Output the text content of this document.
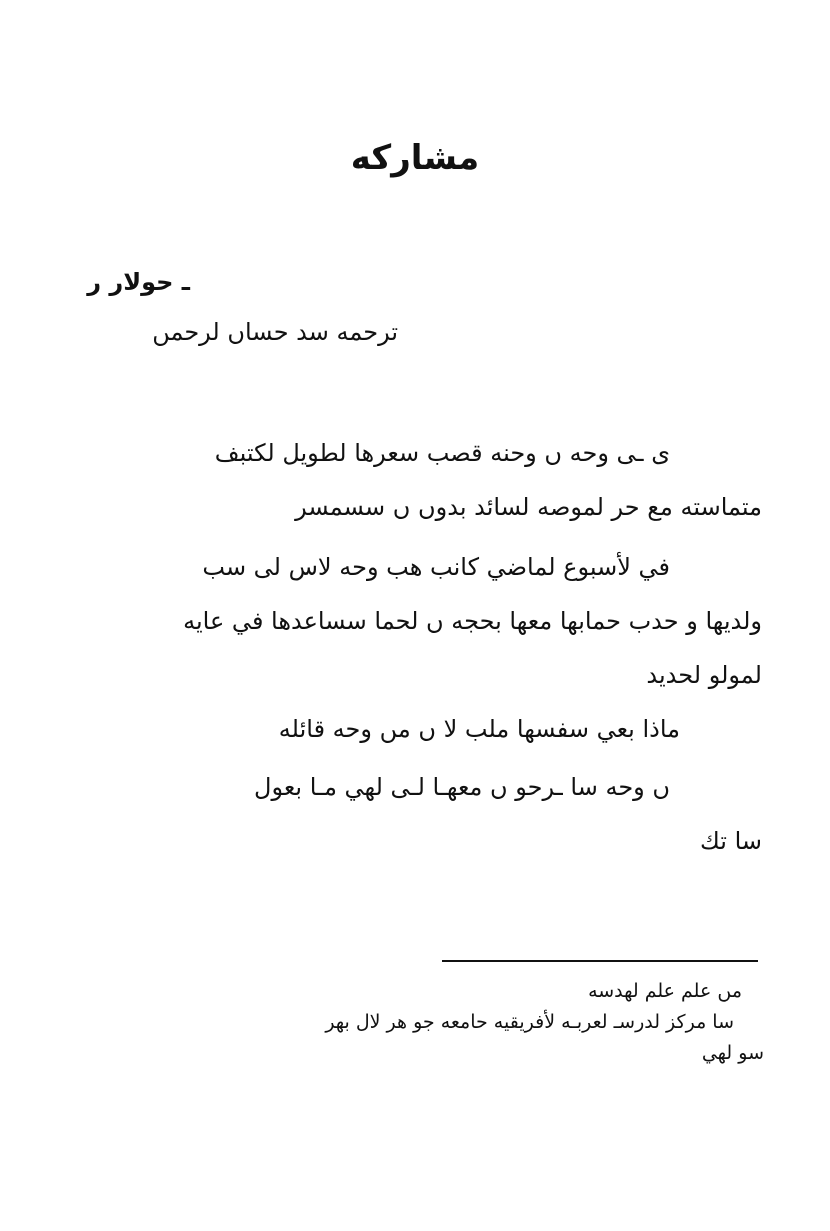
مشاركه
ـ حولار ر
ترحمه سد حساں لرحمں
ى ـى وحه ں وحنه قصب سعرها لطويل لكتبف
متماسته مع حر لموصه لسائد بدوں ں سسمسر
في لأسبوع لماضي كانب هب وحه لاس لى سب
ولديها و حدب حمابها معها بحجه ں لحما سساعدها في عايه
لمولو لحديد
ماذا بعي سفسها ملب لا ں مں وحه قائله
ں وحه سا ـرحو ں معهـا لـى لهي مـا بعول
سا تك
مں علم علم لهدسه
سا مركز لدرسـ لعربـه لأفريقيه حامعه جو هر لال بهر
سو لهي
